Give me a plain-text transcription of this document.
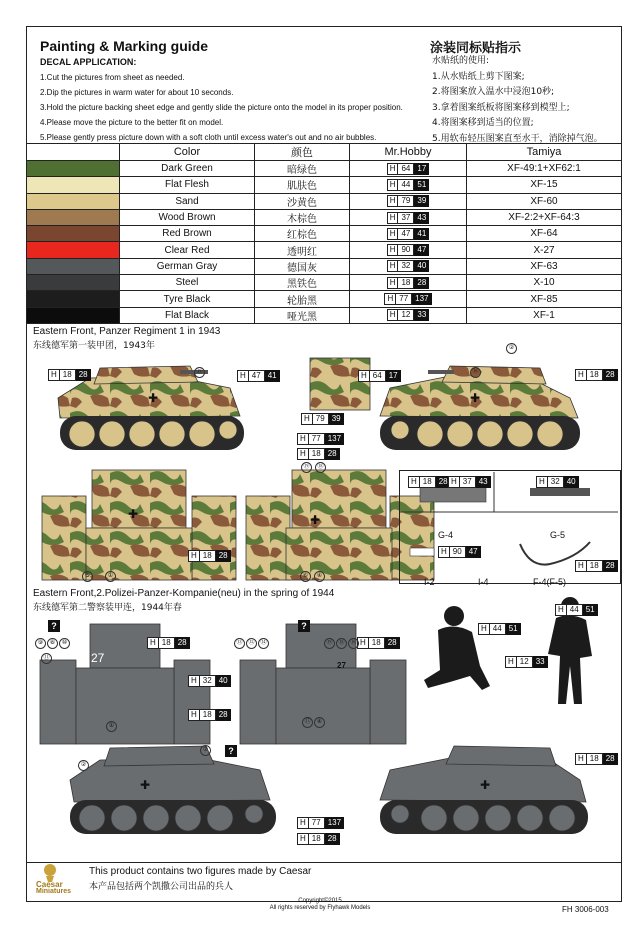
Painting & Marking guide	涂装同标贴指示
DECAL APPLICATION:
1.Cut the pictures from sheet as needed.
2.Dip the pictures in warm water for about 10 seconds.
3.Hold the picture backing sheet edge and gently slide the picture onto the model in its proper position.
4.Please move the picture to the better fit on model.
5.Please gently press picture down with a soft cloth until excess water's out and no air bubbles.
水贴纸的使用:
1.从水贴纸上剪下图案;
2.将图案放入温水中浸泡10秒;
3.拿着图案纸板将图案移到模型上;
4.将图案移到适当的位置;
5.用软布轻压图案直至水干，消除掉气泡。
	Color	颜色	Mr.Hobby	Tamiya
	Dark Green	暗绿色	H 64 17	XF-49:1+XF62:1
	Flat Flesh	肌肤色	H 44 51	XF-15
	Sand	沙黄色	H 79 39	XF-60
	Wood Brown	木棕色	H 37 43	XF-2:2+XF-64:3
	Red Brown	红棕色	H 47 41	XF-64
	Clear Red	透明红	H 90 47	X-27
	German Gray	德国灰	H 32 40	XF-63
	Steel	黑铁色	H 18 28	X-10
	Tyre Black	轮胎黑	H 77 137	XF-85
	Flat Black	哑光黑	H 12 33	XF-1
Eastern Front, Panzer Regiment 1 in 1943
东线德军第一装甲团，1943年
✚	✚
✚	✚
H 18 28	H 47 41	H 64 17	H 18 28
H 79 39
H 77 137
H 18 28
H 18 28
⑲	⑯
②
⑤	①	⑥	④
⑲	⑱
H 18 28 H 37 43	H 32 40
G-4	G-5
H 90 47
I-2	I-4
H 18 28
F-4(F-5)
Eastern Front,2.Polizei-Panzer-Kompanie(neu) in the spring of 1944
东线德军第二警察装甲连，1944年春
27
✚	✚
H 44 51
H 44 51
H 12 33
H 18 28	H 18 28
H 32 40
H 18 28
H 18 28
H 77 137
H 18 28
?	?
?
⑨	⑧	⑩
⑪
⑬ ⑫ ⑭	⑲ ⑱ ⑯
①
⑰	④
②
⑦
27
Caesar
Miniatures
This product contains two figures made by Caesar
本产品包括两个凯撒公司出品的兵人
Copyright©2015
All rights reserved by Flyhawk Models	FH 3006-003
